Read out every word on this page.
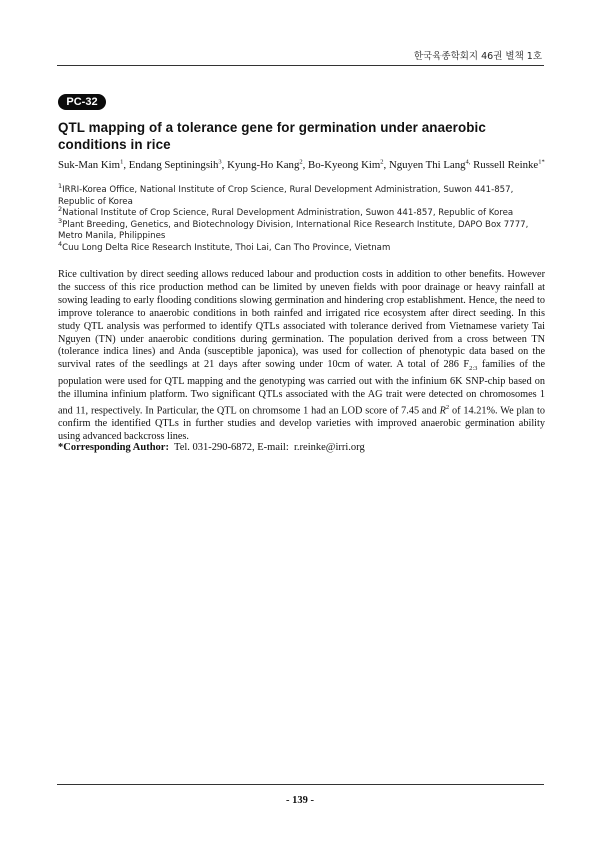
한국육종학회지 46권 별책 1호
PC-32
QTL mapping of a tolerance gene for germination under anaerobic conditions in rice
Suk-Man Kim$^1$, Endang Septiningsih$^3$, Kyung-Ho Kang$^2$, Bo-Kyeong Kim$^2$, Nguyen Thi Lang$^{4,}$ Russell Reinke$^{1*}$

$^1$IRRI-Korea Office, National Institute of Crop Science, Rural Development Administration, Suwon 441-857, Republic of Korea

$^2$National Institute of Crop Science, Rural Development Administration, Suwon 441-857, Republic of Korea

$^3$Plant Breeding, Genetics, and Biotechnology Division, International Rice Research Institute, DAPO Box 7777, Metro Manila, Philippines

$^4$Cuu Long Delta Rice Research Institute, Thoi Lai, Can Tho Province, Vietnam

Rice cultivation by direct seeding allows reduced labour and production costs in addition to other benefits. However the success of this rice production method can be limited by uneven fields with poor drainage or heavy rainfall at sowing leading to early flooding conditions slowing germination and hindering crop establishment. Hence, the need to improve tolerance to anaerobic conditions in both rainfed and irrigated rice ecosystem after direct seeding. In this study QTL analysis was performed to identify QTLs associated with tolerance derived from Vietnamese variety Tai Nguyen (TN) under anaerobic conditions during germination. The population derived from a cross between TN (tolerance indica lines) and Anda (susceptible japonica), was used for collection of phenotypic data based on the survival rates of the seedlings at 21 days after sowing under 10cm of water. A total of 286 $F_{2:3}$ families of the population were used for QTL mapping and the genotyping was carried out with the infinium 6K SNP-chip based on the illumina infinium platform. Two significant QTLs associated with the AG trait were detected on chromosomes 1 and 11, respectively. In Particular, the QTL on chromsome 1 had an LOD score of 7.45 and $R^2$ of 14.21%. We plan to confirm the identified QTLs in further studies and develop varieties with improved anaerobic germination ability using advanced backcross lines.

*Corresponding Author:  Tel. 031-290-6872, E-mail:  r.reinke@irri.org
- 139 -
